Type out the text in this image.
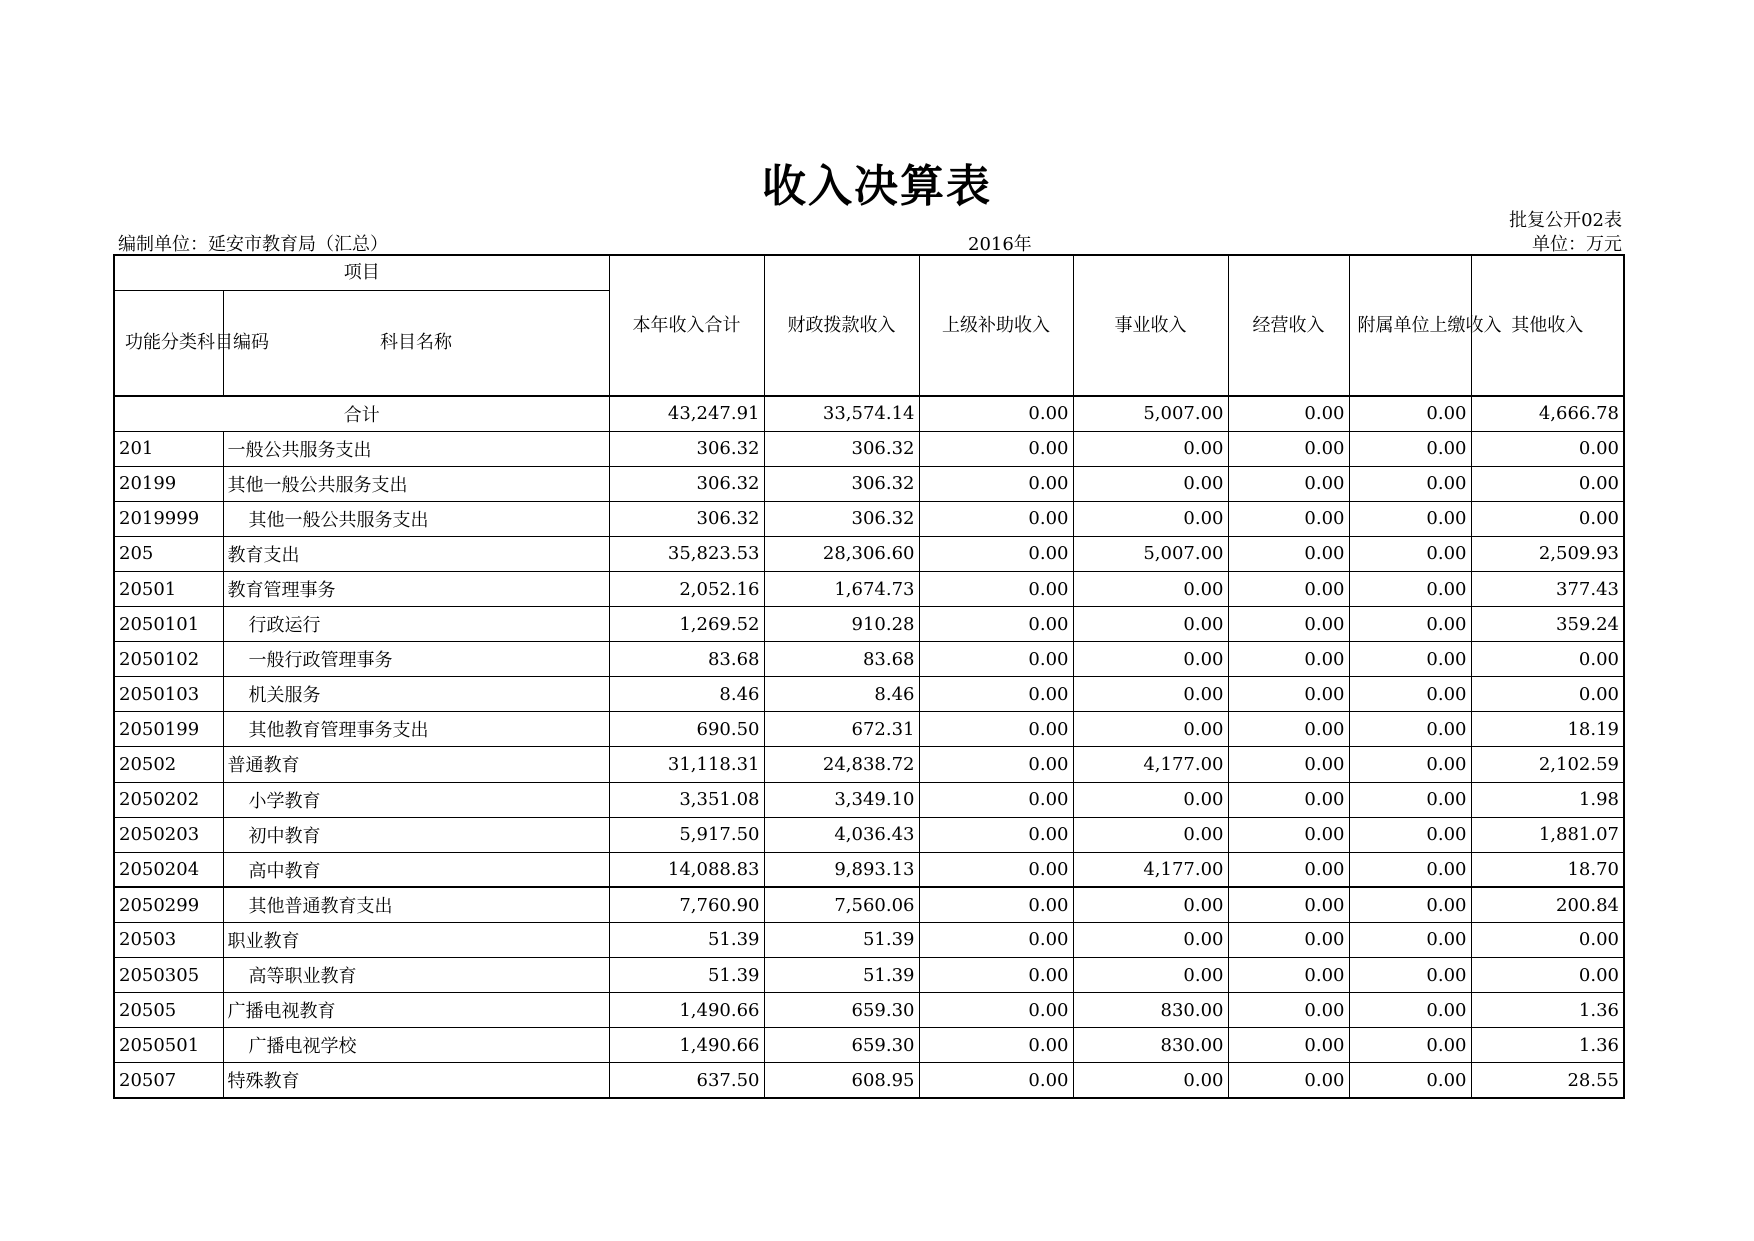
收入决算表
批复公开02表
编制单位：延安市教育局（汇总）	2016年	单位：万元
项目		本年收入合计	财政拨款收入	上级补助收入	事业收入	经营收入	附属单位上缴收入	其他收入
功能分类科目编码	科目名称							
合计		43,247.91	33,574.14	0.00	5,007.00	0.00	0.00	4,666.78
201	一般公共服务支出	306.32	306.32	0.00	0.00	0.00	0.00	0.00
20199	其他一般公共服务支出	306.32	306.32	0.00	0.00	0.00	0.00	0.00
2019999	其他一般公共服务支出	306.32	306.32	0.00	0.00	0.00	0.00	0.00
205	教育支出	35,823.53	28,306.60	0.00	5,007.00	0.00	0.00	2,509.93
20501	教育管理事务	2,052.16	1,674.73	0.00	0.00	0.00	0.00	377.43
2050101	行政运行	1,269.52	910.28	0.00	0.00	0.00	0.00	359.24
2050102	一般行政管理事务	83.68	83.68	0.00	0.00	0.00	0.00	0.00
2050103	机关服务	8.46	8.46	0.00	0.00	0.00	0.00	0.00
2050199	其他教育管理事务支出	690.50	672.31	0.00	0.00	0.00	0.00	18.19
20502	普通教育	31,118.31	24,838.72	0.00	4,177.00	0.00	0.00	2,102.59
2050202	小学教育	3,351.08	3,349.10	0.00	0.00	0.00	0.00	1.98
2050203	初中教育	5,917.50	4,036.43	0.00	0.00	0.00	0.00	1,881.07
2050204	高中教育	14,088.83	9,893.13	0.00	4,177.00	0.00	0.00	18.70
2050299	其他普通教育支出	7,760.90	7,560.06	0.00	0.00	0.00	0.00	200.84
20503	职业教育	51.39	51.39	0.00	0.00	0.00	0.00	0.00
2050305	高等职业教育	51.39	51.39	0.00	0.00	0.00	0.00	0.00
20505	广播电视教育	1,490.66	659.30	0.00	830.00	0.00	0.00	1.36
2050501	广播电视学校	1,490.66	659.30	0.00	830.00	0.00	0.00	1.36
20507	特殊教育	637.50	608.95	0.00	0.00	0.00	0.00	28.55
